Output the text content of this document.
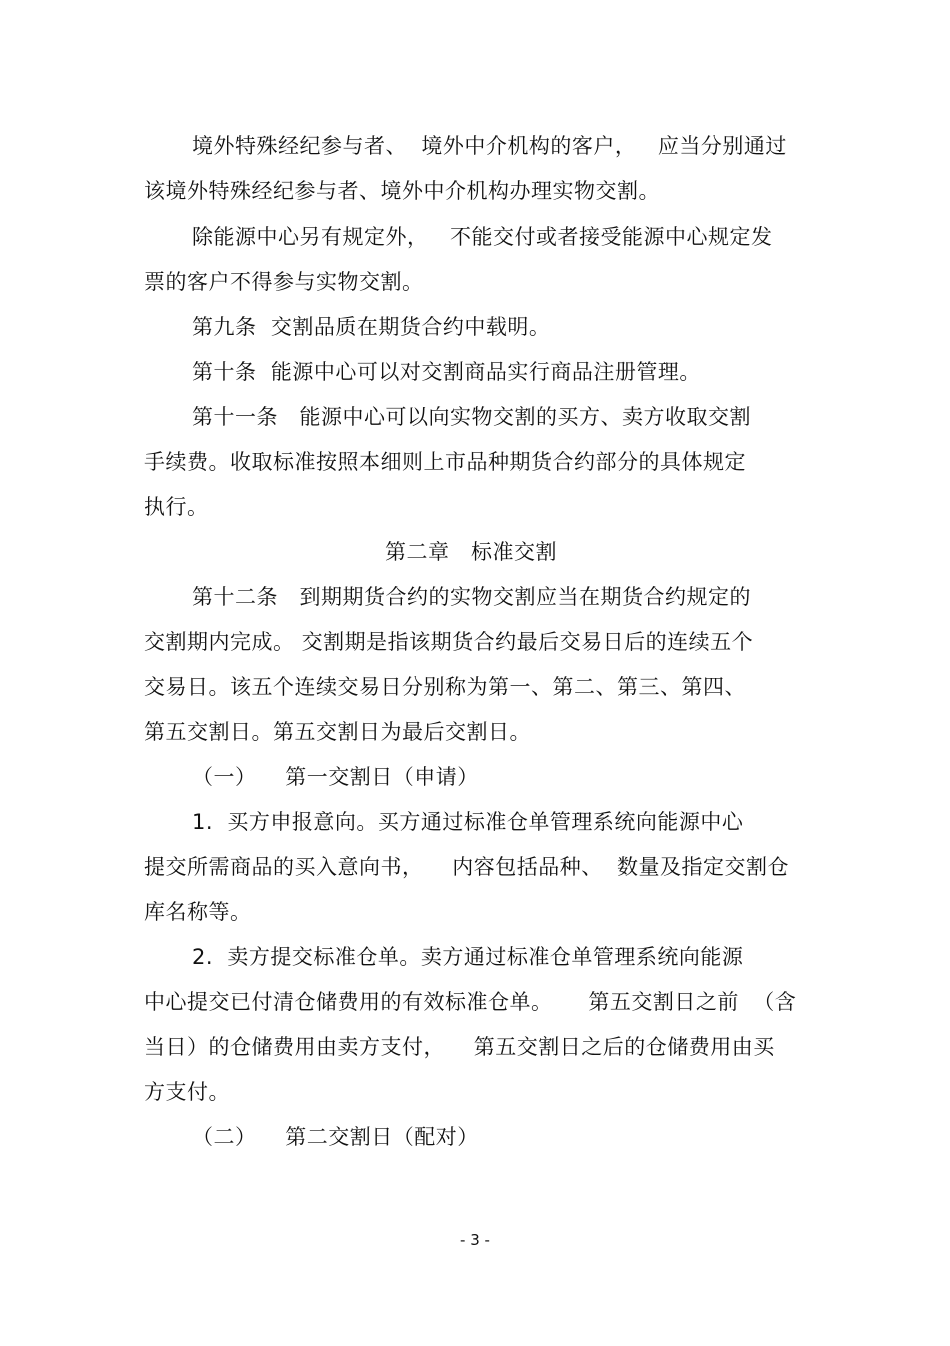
境外特殊经纪参与者、  境外中介机构的客户，   应当分别通过
该境外特殊经纪参与者、境外中介机构办理实物交割。
除能源中心另有规定外，   不能交付或者接受能源中心规定发
票的客户不得参与实物交割。
第九条  交割品质在期货合约中载明。
第十条  能源中心可以对交割商品实行商品注册管理。
第十一条   能源中心可以向实物交割的买方、卖方收取交割
手续费。收取标准按照本细则上市品种期货合约部分的具体规定
执行。
第二章   标准交割
第十二条   到期期货合约的实物交割应当在期货合约规定的
交割期内完成。 交割期是指该期货合约最后交易日后的连续五个
交易日。该五个连续交易日分别称为第一、第二、第三、第四、
第五交割日。第五交割日为最后交割日。
（一）    第一交割日（申请）
1.  买方申报意向。买方通过标准仓单管理系统向能源中心
提交所需商品的买入意向书，    内容包括品种、  数量及指定交割仓
库名称等。
2.  卖方提交标准仓单。卖方通过标准仓单管理系统向能源
中心提交已付清仓储费用的有效标准仓单。     第五交割日之前  （含
当日）的仓储费用由卖方支付，    第五交割日之后的仓储费用由买
方支付。
（二）    第二交割日（配对）
- 3 -
